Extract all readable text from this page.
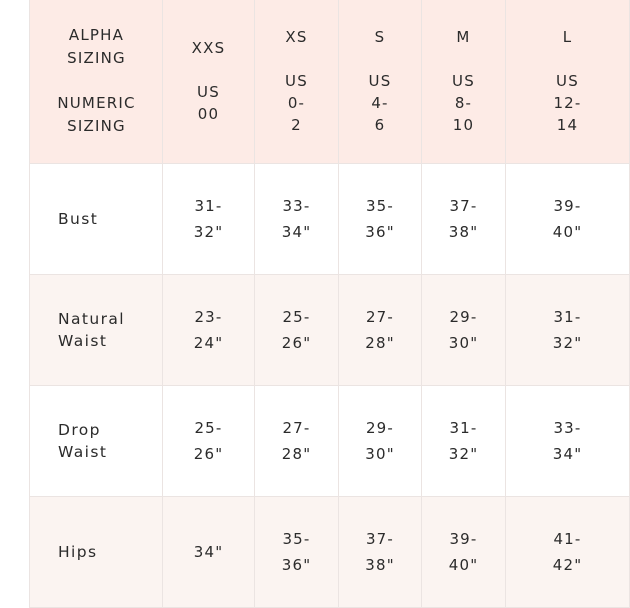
ALPHA
SIZING
NUMERIC
SIZING	XXS
US
00	XS
US
0-
2	S
US
4-
6	M
US
8-
10	L
US
12-
14

Bust	31-
32"	33-
34"	35-
36"	37-
38"	39-
40"

Natural
Waist	23-
24"	25-
26"	27-
28"	29-
30"	31-
32"

Drop
Waist	25-
26"	27-
28"	29-
30"	31-
32"	33-
34"

Hips	34"	35-
36"	37-
38"	39-
40"	41-
42"
